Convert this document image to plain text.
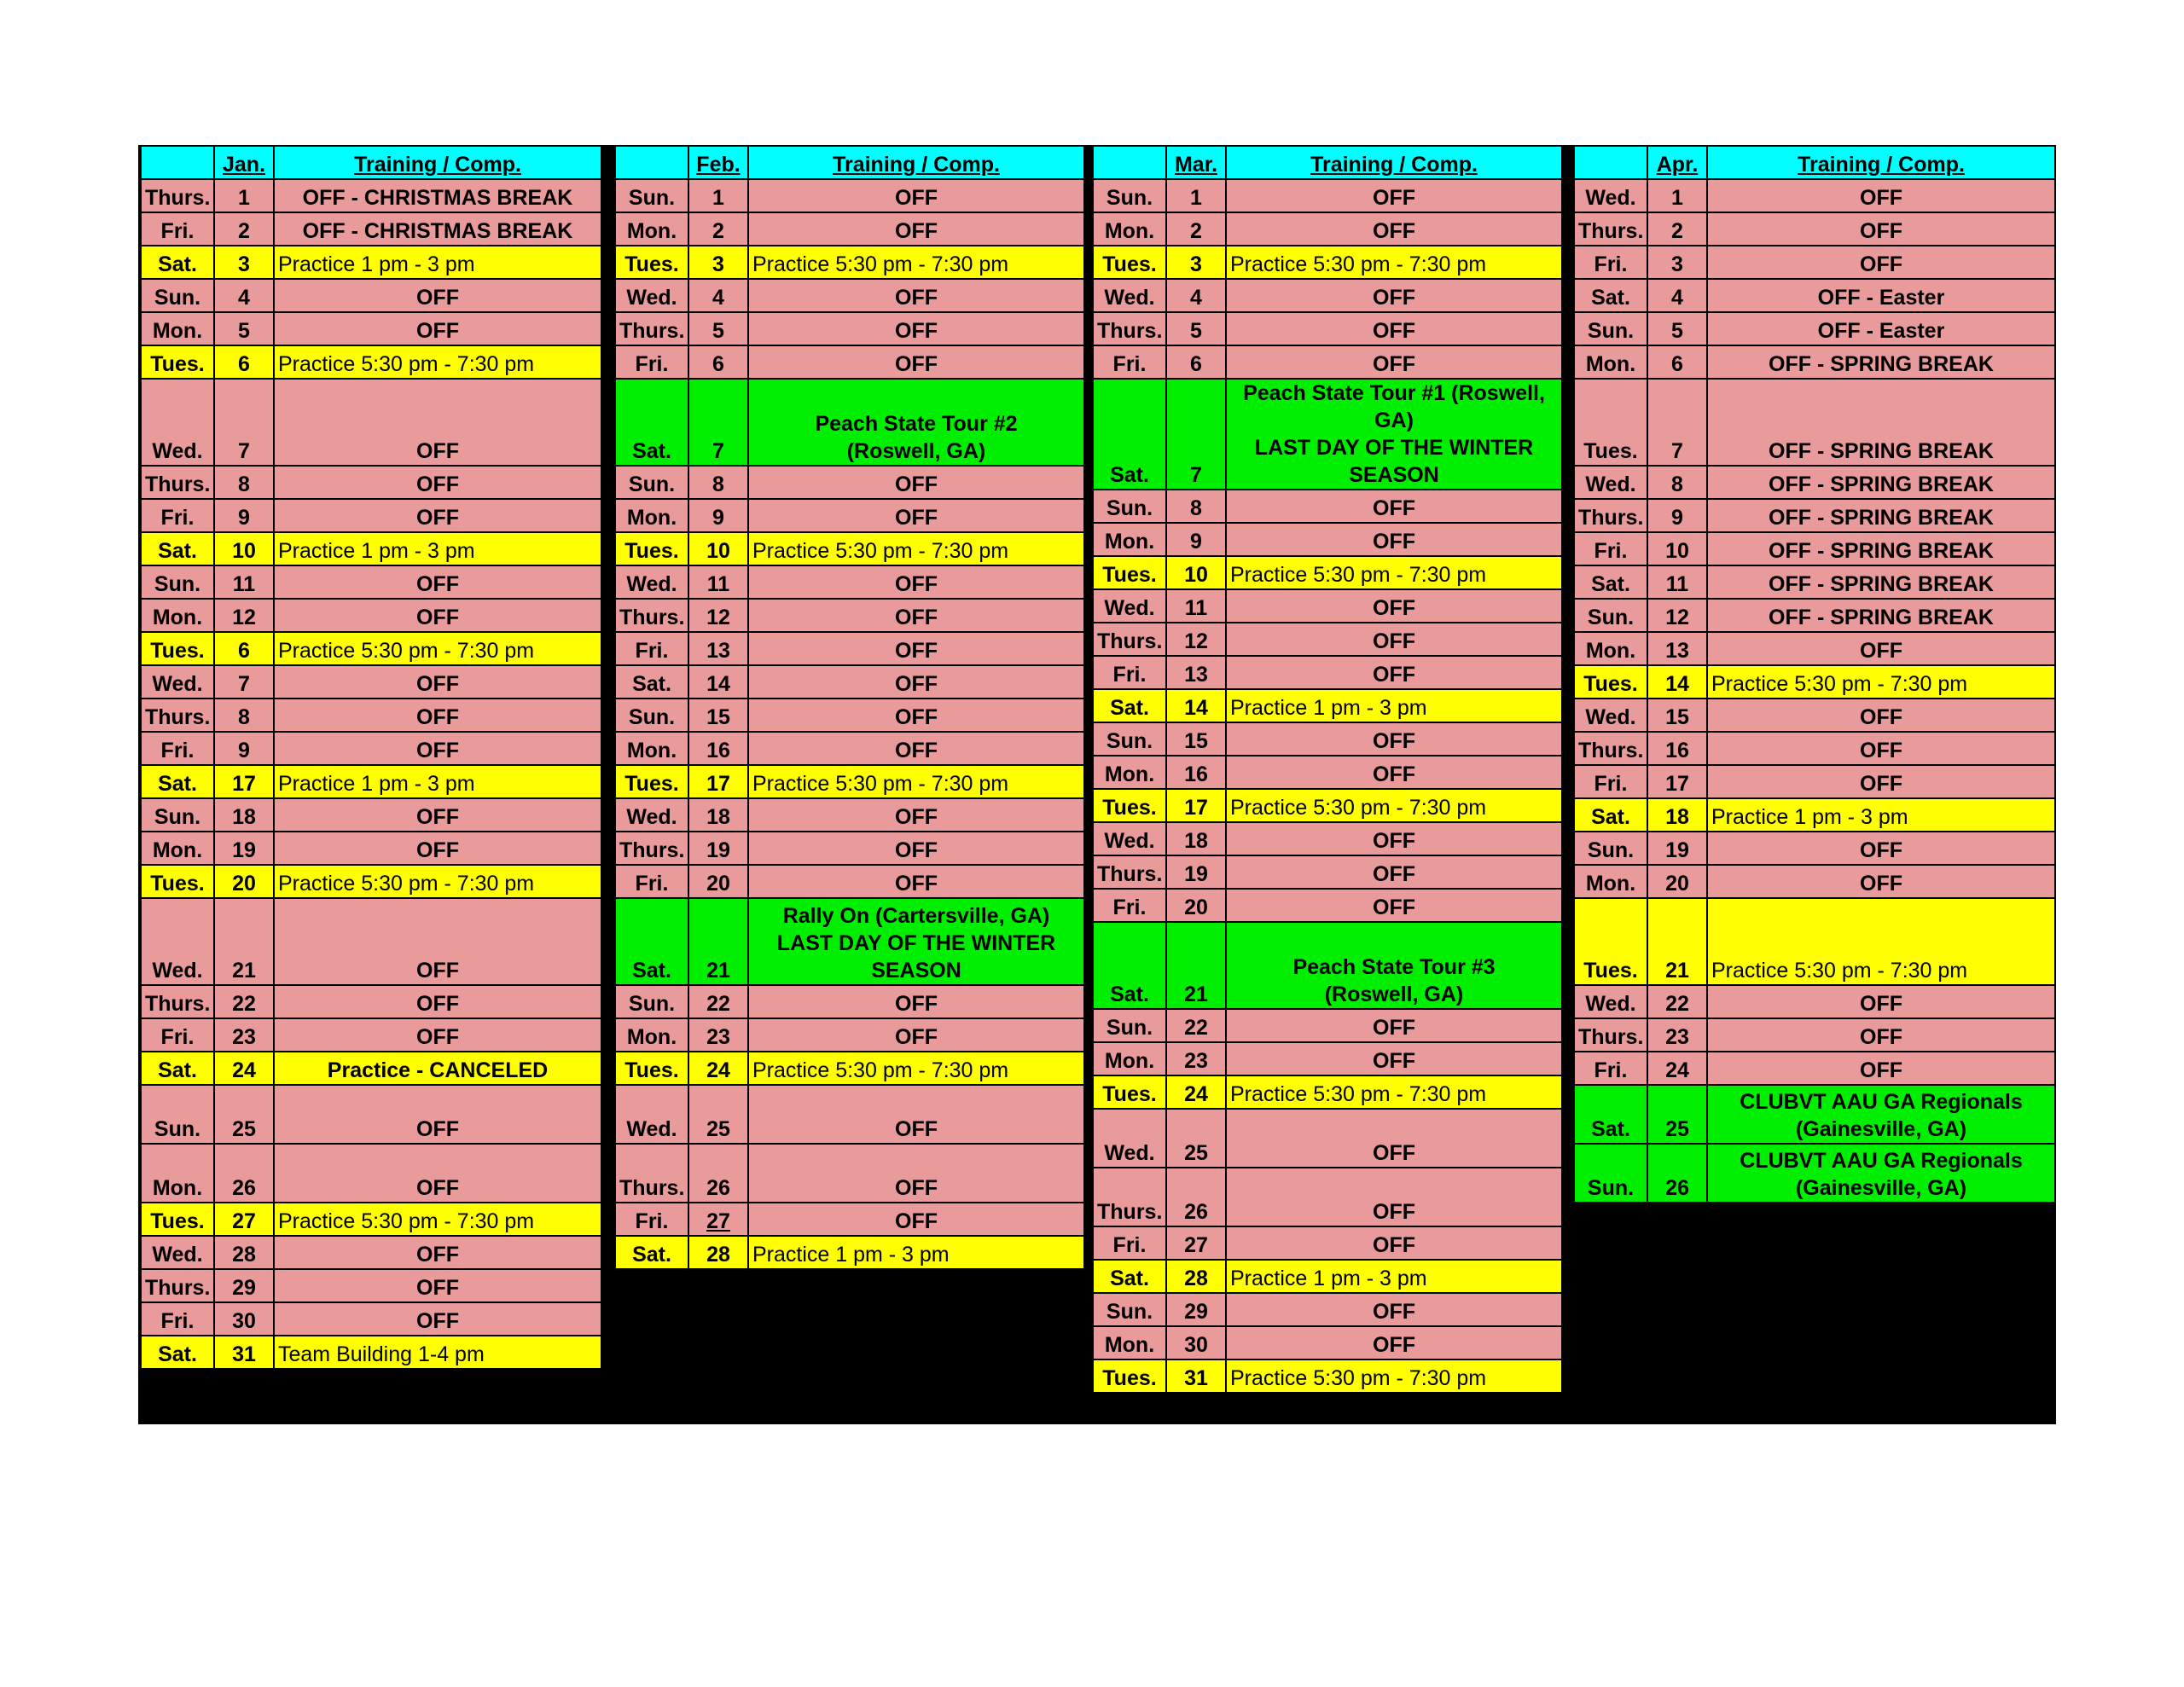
	Jan.	Training / Comp.
Thurs.	1	OFF - CHRISTMAS BREAK
Fri.	2	OFF - CHRISTMAS BREAK
Sat.	3	Practice 1 pm - 3 pm
Sun.	4	OFF
Mon.	5	OFF
Tues.	6	Practice 5:30 pm - 7:30 pm
Wed.	7	OFF
Thurs.	8	OFF
Fri.	9	OFF
Sat.	10	Practice 1 pm - 3 pm
Sun.	11	OFF
Mon.	12	OFF
Tues.	6	Practice 5:30 pm - 7:30 pm
Wed.	7	OFF
Thurs.	8	OFF
Fri.	9	OFF
Sat.	17	Practice 1 pm - 3 pm
Sun.	18	OFF
Mon.	19	OFF
Tues.	20	Practice 5:30 pm - 7:30 pm
Wed.	21	OFF
Thurs.	22	OFF
Fri.	23	OFF
Sat.	24	Practice - CANCELED
Sun.	25	OFF
Mon.	26	OFF
Tues.	27	Practice 5:30 pm - 7:30 pm
Wed.	28	OFF
Thurs.	29	OFF
Fri.	30	OFF
Sat.	31	Team Building 1-4 pm
	Feb.	Training / Comp.
Sun.	1	OFF
Mon.	2	OFF
Tues.	3	Practice 5:30 pm - 7:30 pm
Wed.	4	OFF
Thurs.	5	OFF
Fri.	6	OFF
Sat.	7	Peach State Tour #2
(Roswell, GA)
Sun.	8	OFF
Mon.	9	OFF
Tues.	10	Practice 5:30 pm - 7:30 pm
Wed.	11	OFF
Thurs.	12	OFF
Fri.	13	OFF
Sat.	14	OFF
Sun.	15	OFF
Mon.	16	OFF
Tues.	17	Practice 5:30 pm - 7:30 pm
Wed.	18	OFF
Thurs.	19	OFF
Fri.	20	OFF
Sat.	21	Rally On (Cartersville, GA)
LAST DAY OF THE WINTER
SEASON
Sun.	22	OFF
Mon.	23	OFF
Tues.	24	Practice 5:30 pm - 7:30 pm
Wed.	25	OFF
Thurs.	26	OFF
Fri.	27	OFF
Sat.	28	Practice 1 pm - 3 pm
	Mar.	Training / Comp.
Sun.	1	OFF
Mon.	2	OFF
Tues.	3	Practice 5:30 pm - 7:30 pm
Wed.	4	OFF
Thurs.	5	OFF
Fri.	6	OFF
Sat.	7	Peach State Tour #1 (Roswell, GA)
LAST DAY OF THE WINTER
SEASON
Sun.	8	OFF
Mon.	9	OFF
Tues.	10	Practice 5:30 pm - 7:30 pm
Wed.	11	OFF
Thurs.	12	OFF
Fri.	13	OFF
Sat.	14	Practice 1 pm - 3 pm
Sun.	15	OFF
Mon.	16	OFF
Tues.	17	Practice 5:30 pm - 7:30 pm
Wed.	18	OFF
Thurs.	19	OFF
Fri.	20	OFF
Sat.	21	Peach State Tour #3
(Roswell, GA)
Sun.	22	OFF
Mon.	23	OFF
Tues.	24	Practice 5:30 pm - 7:30 pm
Wed.	25	OFF
Thurs.	26	OFF
Fri.	27	OFF
Sat.	28	Practice 1 pm - 3 pm
Sun.	29	OFF
Mon.	30	OFF
Tues.	31	Practice 5:30 pm - 7:30 pm
	Apr.	Training / Comp.
Wed.	1	OFF
Thurs.	2	OFF
Fri.	3	OFF
Sat.	4	OFF - Easter
Sun.	5	OFF - Easter
Mon.	6	OFF - SPRING BREAK
Tues.	7	OFF - SPRING BREAK
Wed.	8	OFF - SPRING BREAK
Thurs.	9	OFF - SPRING BREAK
Fri.	10	OFF - SPRING BREAK
Sat.	11	OFF - SPRING BREAK
Sun.	12	OFF - SPRING BREAK
Mon.	13	OFF
Tues.	14	Practice 5:30 pm - 7:30 pm
Wed.	15	OFF
Thurs.	16	OFF
Fri.	17	OFF
Sat.	18	Practice 1 pm - 3 pm
Sun.	19	OFF
Mon.	20	OFF
Tues.	21	Practice 5:30 pm - 7:30 pm
Wed.	22	OFF
Thurs.	23	OFF
Fri.	24	OFF
Sat.	25	CLUBVT AAU GA Regionals
(Gainesville, GA)
Sun.	26	CLUBVT AAU GA Regionals
(Gainesville, GA)
